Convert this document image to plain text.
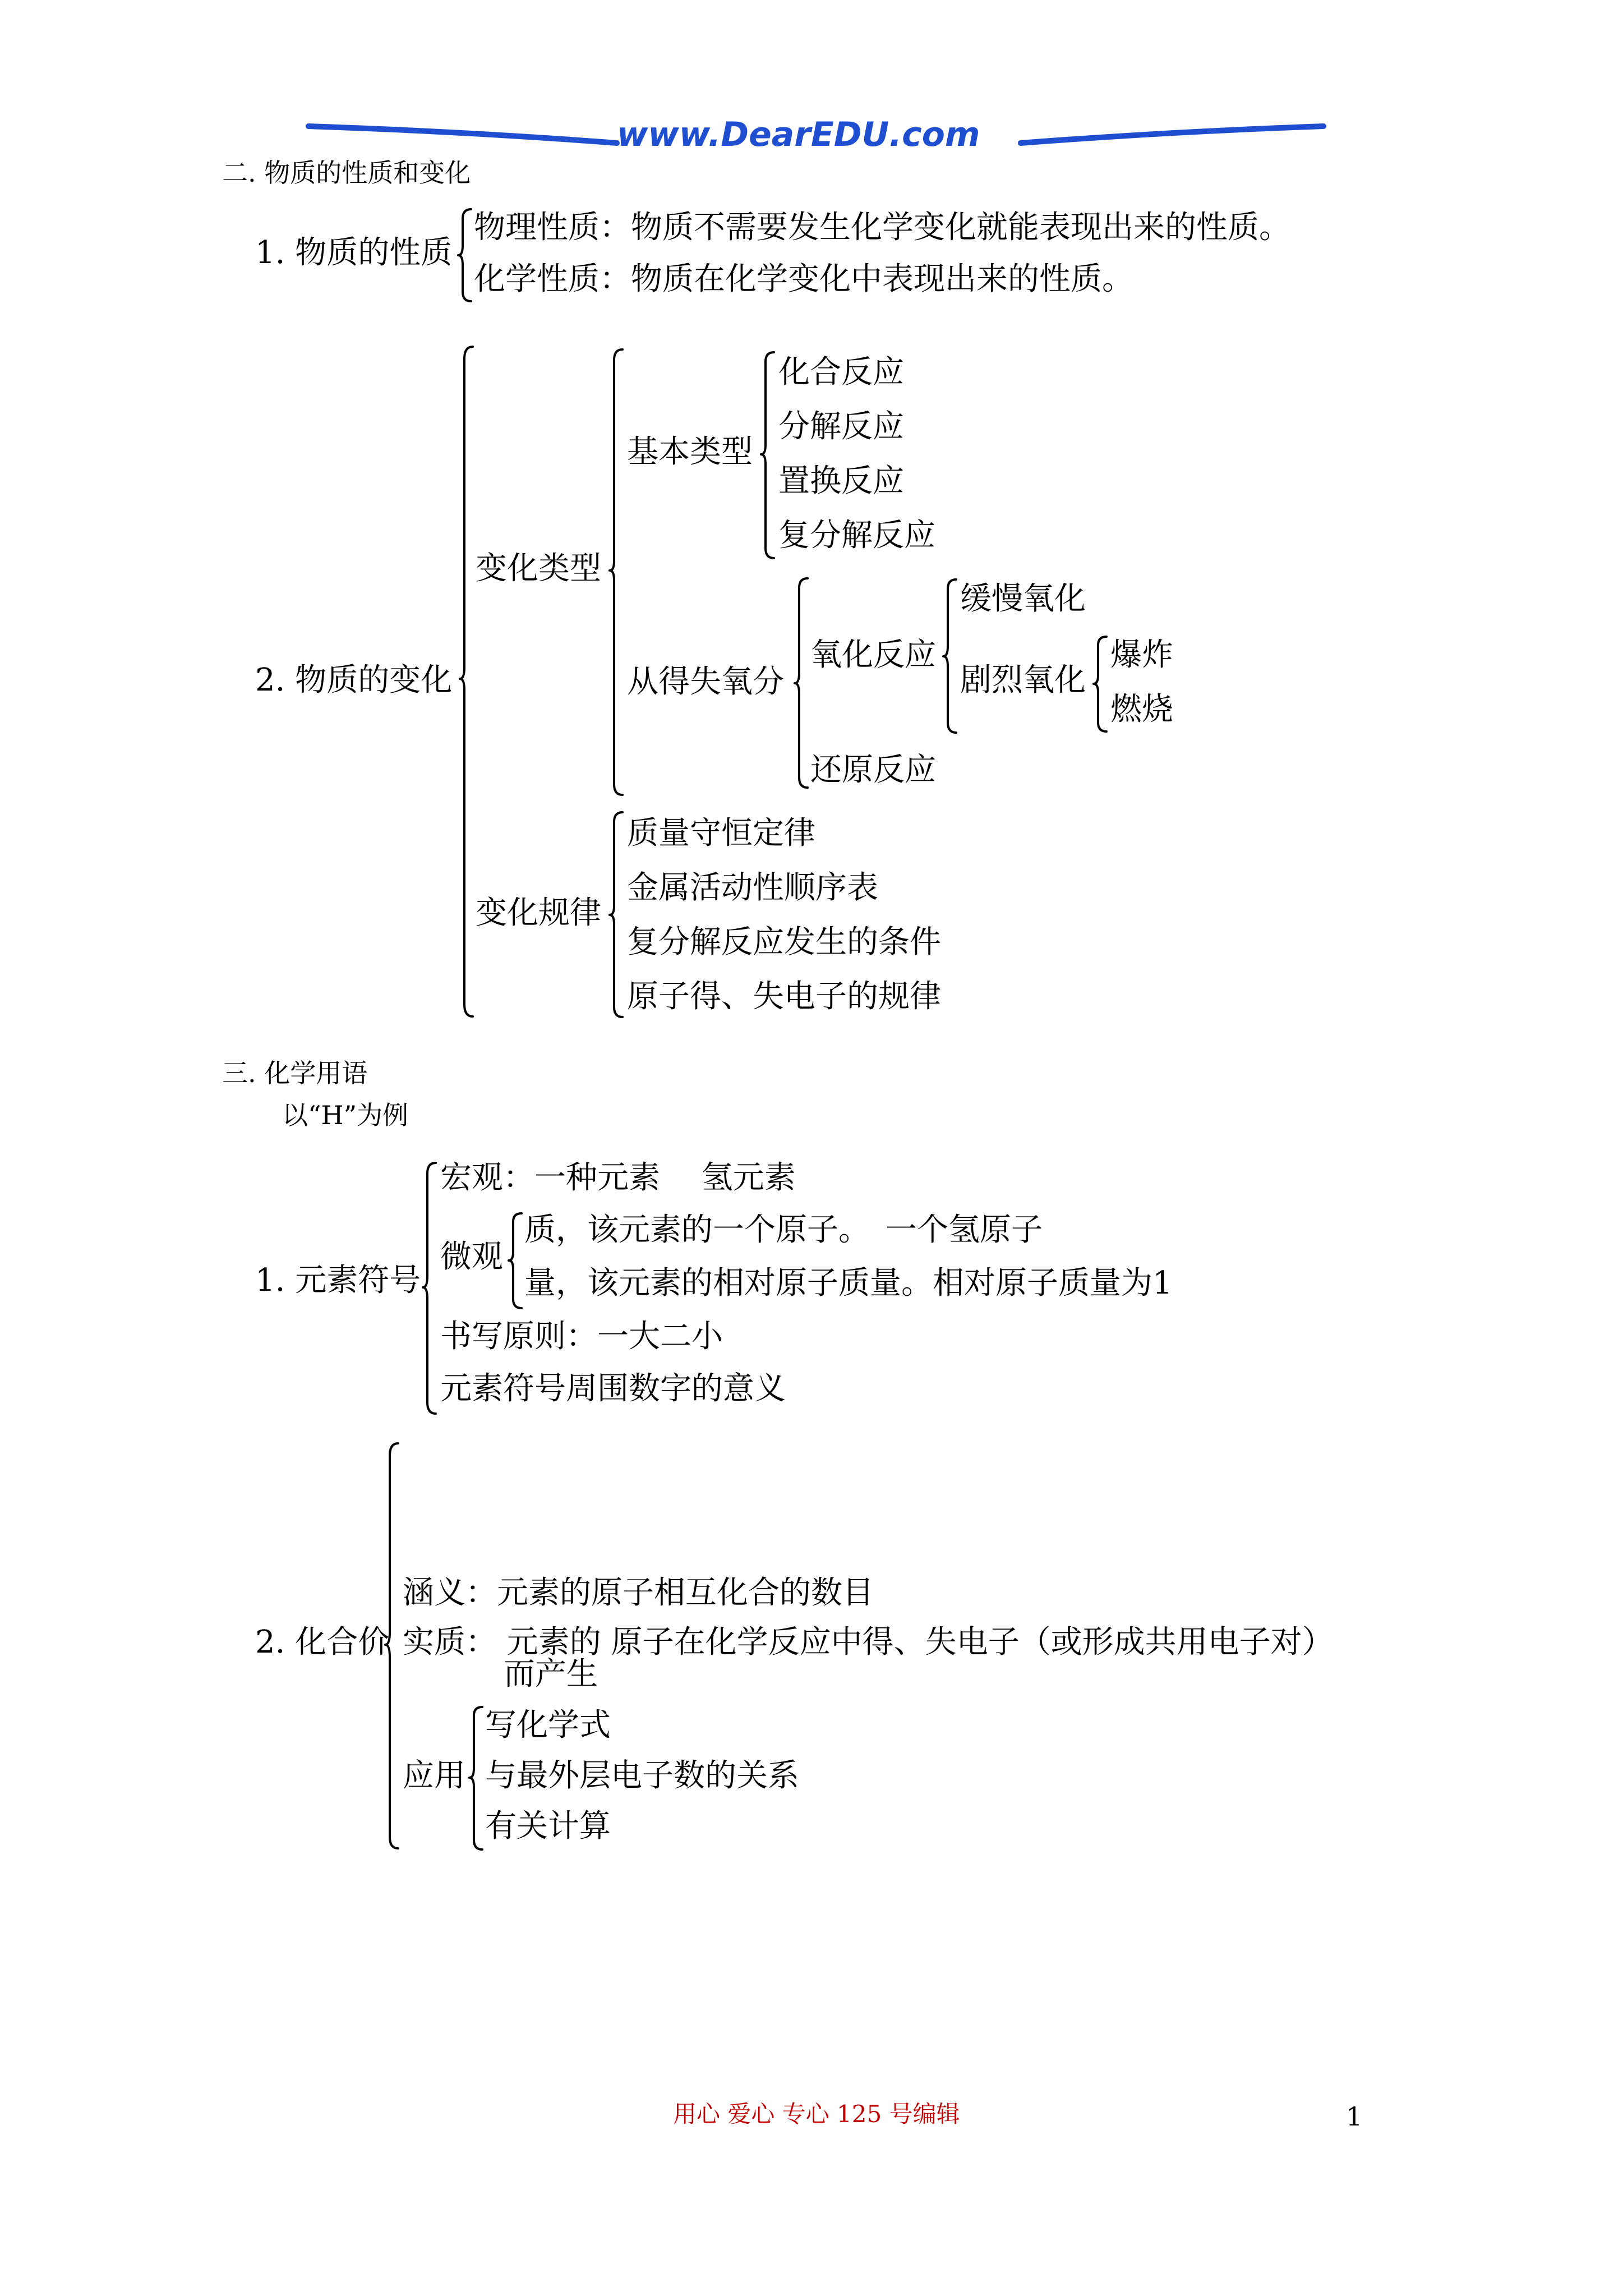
www.DearEDU.com
二. 物质的性质和变化
1. 物质的性质
物理性质：物质不需要发生化学变化就能表现出来的性质。
化学性质：物质在化学变化中表现出来的性质。
2. 物质的变化
变化类型
基本类型
化合反应
分解反应
置换反应
复分解反应
从得失氧分
氧化反应
缓慢氧化
剧烈氧化
爆炸
燃烧
还原反应
变化规律
质量守恒定律
金属活动性顺序表
复分解反应发生的条件
原子得、失电子的规律
三. 化学用语
以“H”为例
1. 元素符号
宏观：一种元素　 氢元素
微观
质，该元素的一个原子。　一个氢原子
量，该元素的相对原子质量。相对原子质量为1
书写原则：一大二小
元素符号周围数字的意义
2. 化合价
涵义：元素的原子相互化合的数目
实质： 元素的 原子在化学反应中得、失电子（或形成共用电子对）
而产生
应用
写化学式
与最外层电子数的关系
有关计算
用心 爱心 专心 125 号编辑	1
